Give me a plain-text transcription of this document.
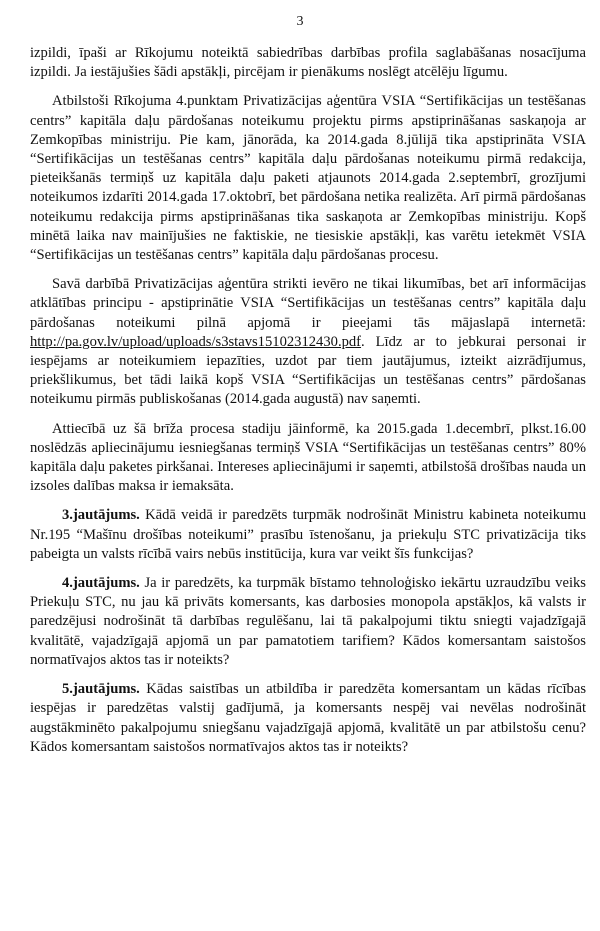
3

izpildi, īpaši ar Rīkojumu noteiktā sabiedrības darbības profila saglabāšanas nosacījuma izpildi. Ja iestājušies šādi apstākļi, pircējam ir pienākums noslēgt atcēlēju līgumu.

Atbilstoši Rīkojuma 4.punktam Privatizācijas aģentūra VSIA “Sertifikācijas un testēšanas centrs” kapitāla daļu pārdošanas noteikumu projektu pirms apstiprināšanas saskaņoja ar Zemkopības ministriju. Pie kam, jānorāda, ka 2014.gada 8.jūlijā tika apstiprināta VSIA “Sertifikācijas un testēšanas centrs” kapitāla daļu pārdošanas noteikumu pirmā redakcija, pieteikšanās termiņš uz kapitāla daļu paketi atjaunots 2014.gada 2.septembrī, grozījumi noteikumos izdarīti 2014.gada 17.oktobrī, bet pārdošana netika realizēta. Arī pirmā pārdošanas noteikumu redakcija pirms apstiprināšanas tika saskaņota ar Zemkopības ministriju. Kopš minētā laika nav mainījušies ne faktiskie, ne tiesiskie apstākļi, kas varētu ietekmēt VSIA “Sertifikācijas un testēšanas centrs” kapitāla daļu pārdošanas procesu.

Savā darbībā Privatizācijas aģentūra strikti ievēro ne tikai likumības, bet arī informācijas atklātības principu - apstiprinātie VSIA “Sertifikācijas un testēšanas centrs” kapitāla daļu pārdošanas noteikumi pilnā apjomā ir pieejami tās mājaslapā internetā: http://pa.gov.lv/upload/uploads/s3stavs15102312430.pdf. Līdz ar to jebkurai personai ir iespējams ar noteikumiem iepazīties, uzdot par tiem jautājumus, izteikt aizrādījumus, priekšlikumus, bet tādi laikā kopš VSIA “Sertifikācijas un testēšanas centrs” pārdošanas noteikumu pirmās publiskošanas (2014.gada augustā) nav saņemti.

Attiecībā uz šā brīža procesa stadiju jāinformē, ka 2015.gada 1.decembrī, plkst.16.00 noslēdzās apliecinājumu iesniegšanas termiņš VSIA “Sertifikācijas un testēšanas centrs” 80% kapitāla daļu paketes pirkšanai. Intereses apliecinājumi ir saņemti, atbilstošā drošības nauda un izsoles dalības maksa ir iemaksāta.

3.jautājums. Kādā veidā ir paredzēts turpmāk nodrošināt Ministru kabineta noteikumu Nr.195 “Mašīnu drošības noteikumi” prasību īstenošanu, ja priekuļu STC privatizācija tiks pabeigta un valsts rīcībā vairs nebūs institūcija, kura var veikt šīs funkcijas?

4.jautājums. Ja ir paredzēts, ka turpmāk bīstamo tehnoloģisko iekārtu uzraudzību veiks Priekuļu STC, nu jau kā privāts komersants, kas darbosies monopola apstākļos, kā valsts ir paredzējusi nodrošināt tā darbības regulēšanu, lai tā pakalpojumi tiktu sniegti vajadzīgajā kvalitātē, vajadzīgajā apjomā un par pamatotiem tarifiem? Kādos komersantam saistošos normatīvajos aktos tas ir noteikts?

5.jautājums. Kādas saistības un atbildība ir paredzēta komersantam un kādas rīcības iespējas ir paredzētas valstij gadījumā, ja komersants nespēj vai nevēlas nodrošināt augstākminēto pakalpojumu sniegšanu vajadzīgajā apjomā, kvalitātē un par atbilstošu cenu? Kādos komersantam saistošos normatīvajos aktos tas ir noteikts?
